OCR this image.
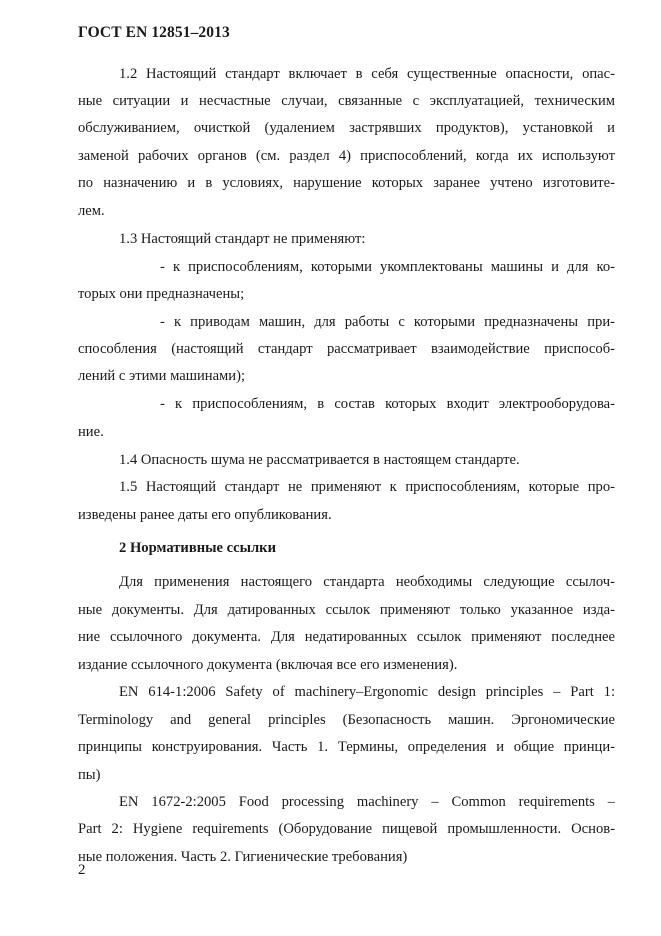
ГОСТ EN 12851–2013
1.2 Настоящий стандарт включает в себя существенные опасности, опас-
ные ситуации и несчастные случаи, связанные с эксплуатацией, техническим
обслуживанием, очисткой (удалением застрявших продуктов), установкой и
заменой рабочих органов (см. раздел 4) приспособлений, когда их используют
по назначению и в условиях, нарушение которых заранее учтено изготовите-
лем.
1.3 Настоящий стандарт не применяют:
- к приспособлениям, которыми укомплектованы машины и для ко-
торых они предназначены;
- к приводам машин, для работы с которыми предназначены при-
способления (настоящий стандарт рассматривает взаимодействие приспособ-
лений с этими машинами);
- к приспособлениям, в состав которых входит электрооборудова-
ние.
1.4 Опасность шума не рассматривается в настоящем стандарте.
1.5 Настоящий стандарт не применяют к приспособлениям, которые про-
изведены ранее даты его опубликования.
2 Нормативные ссылки
Для применения настоящего стандарта необходимы следующие ссылоч-
ные документы. Для датированных ссылок применяют только указанное изда-
ние ссылочного документа. Для недатированных ссылок применяют последнее
издание ссылочного документа (включая все его изменения).
EN 614-1:2006 Safety of machinery–Ergonomic design principles – Part 1:
Terminology and general principles (Безопасность машин. Эргономические
принципы конструирования. Часть 1. Термины, определения и общие принци-
пы)
EN 1672-2:2005 Food processing machinery – Common requirements –
Part 2: Hygiene requirements (Оборудование пищевой промышленности. Основ-
ные положения. Часть 2. Гигиенические требования)
2
